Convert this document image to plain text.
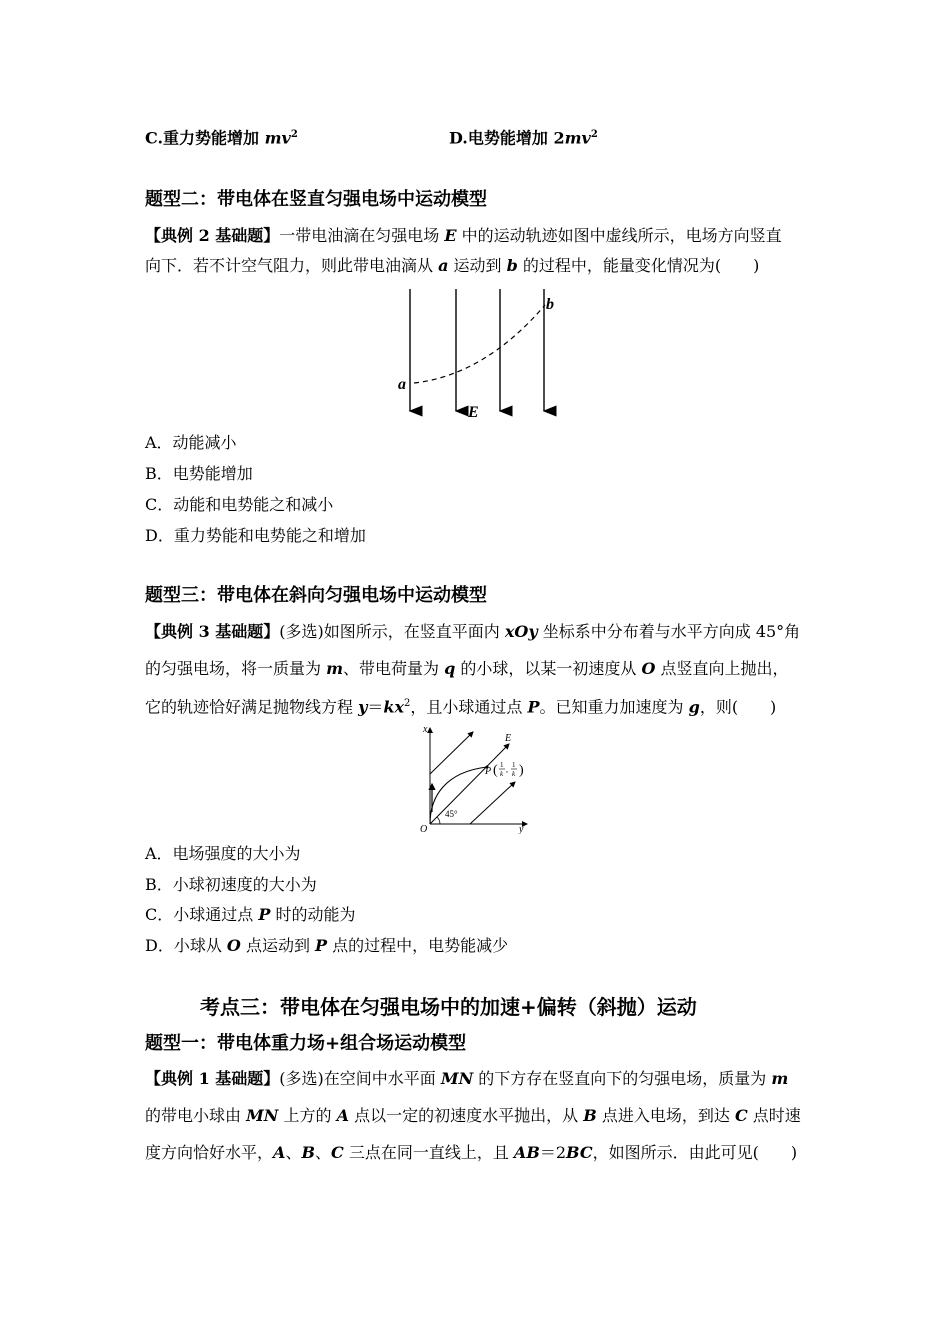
C.重力势能增加 $mv^2$	D.电势能增加 $2mv^2$
题型二：带电体在竖直匀强电场中运动模型
【典例 2 基础题】一带电油滴在匀强电场 E 中的运动轨迹如图中虚线所示，电场方向竖直
向下．若不计空气阻力，则此带电油滴从 a 运动到 b 的过程中，能量变化情况为(　　)
a
b
E
A．动能减小
B．电势能增加
C．动能和电势能之和减小
D．重力势能和电势能之和增加
题型三：带电体在斜向匀强电场中运动模型
【典例 3 基础题】(多选)如图所示，在竖直平面内 xOy 坐标系中分布着与水平方向成 45°角
的匀强电场，将一质量为 m、带电荷量为 q 的小球，以某一初速度从 O 点竖直向上抛出，
它的轨迹恰好满足抛物线方程 $y=kx^2$，且小球通过点 P。已知重力加速度为 g，则(　　)
x
y
O
E
45°
P ( 1
k , 1
k )
A．电场强度的大小为
B．小球初速度的大小为
C．小球通过点 P 时的动能为
D．小球从 O 点运动到 P 点的过程中，电势能减少
考点三：带电体在匀强电场中的加速+偏转（斜抛）运动
题型一：带电体重力场+组合场运动模型
【典例 1 基础题】(多选)在空间中水平面 MN 的下方存在竖直向下的匀强电场，质量为 m
的带电小球由 MN 上方的 A 点以一定的初速度水平抛出，从 B 点进入电场，到达 C 点时速
度方向恰好水平，A、B、C 三点在同一直线上，且 AB＝2BC，如图所示．由此可见(　　)
